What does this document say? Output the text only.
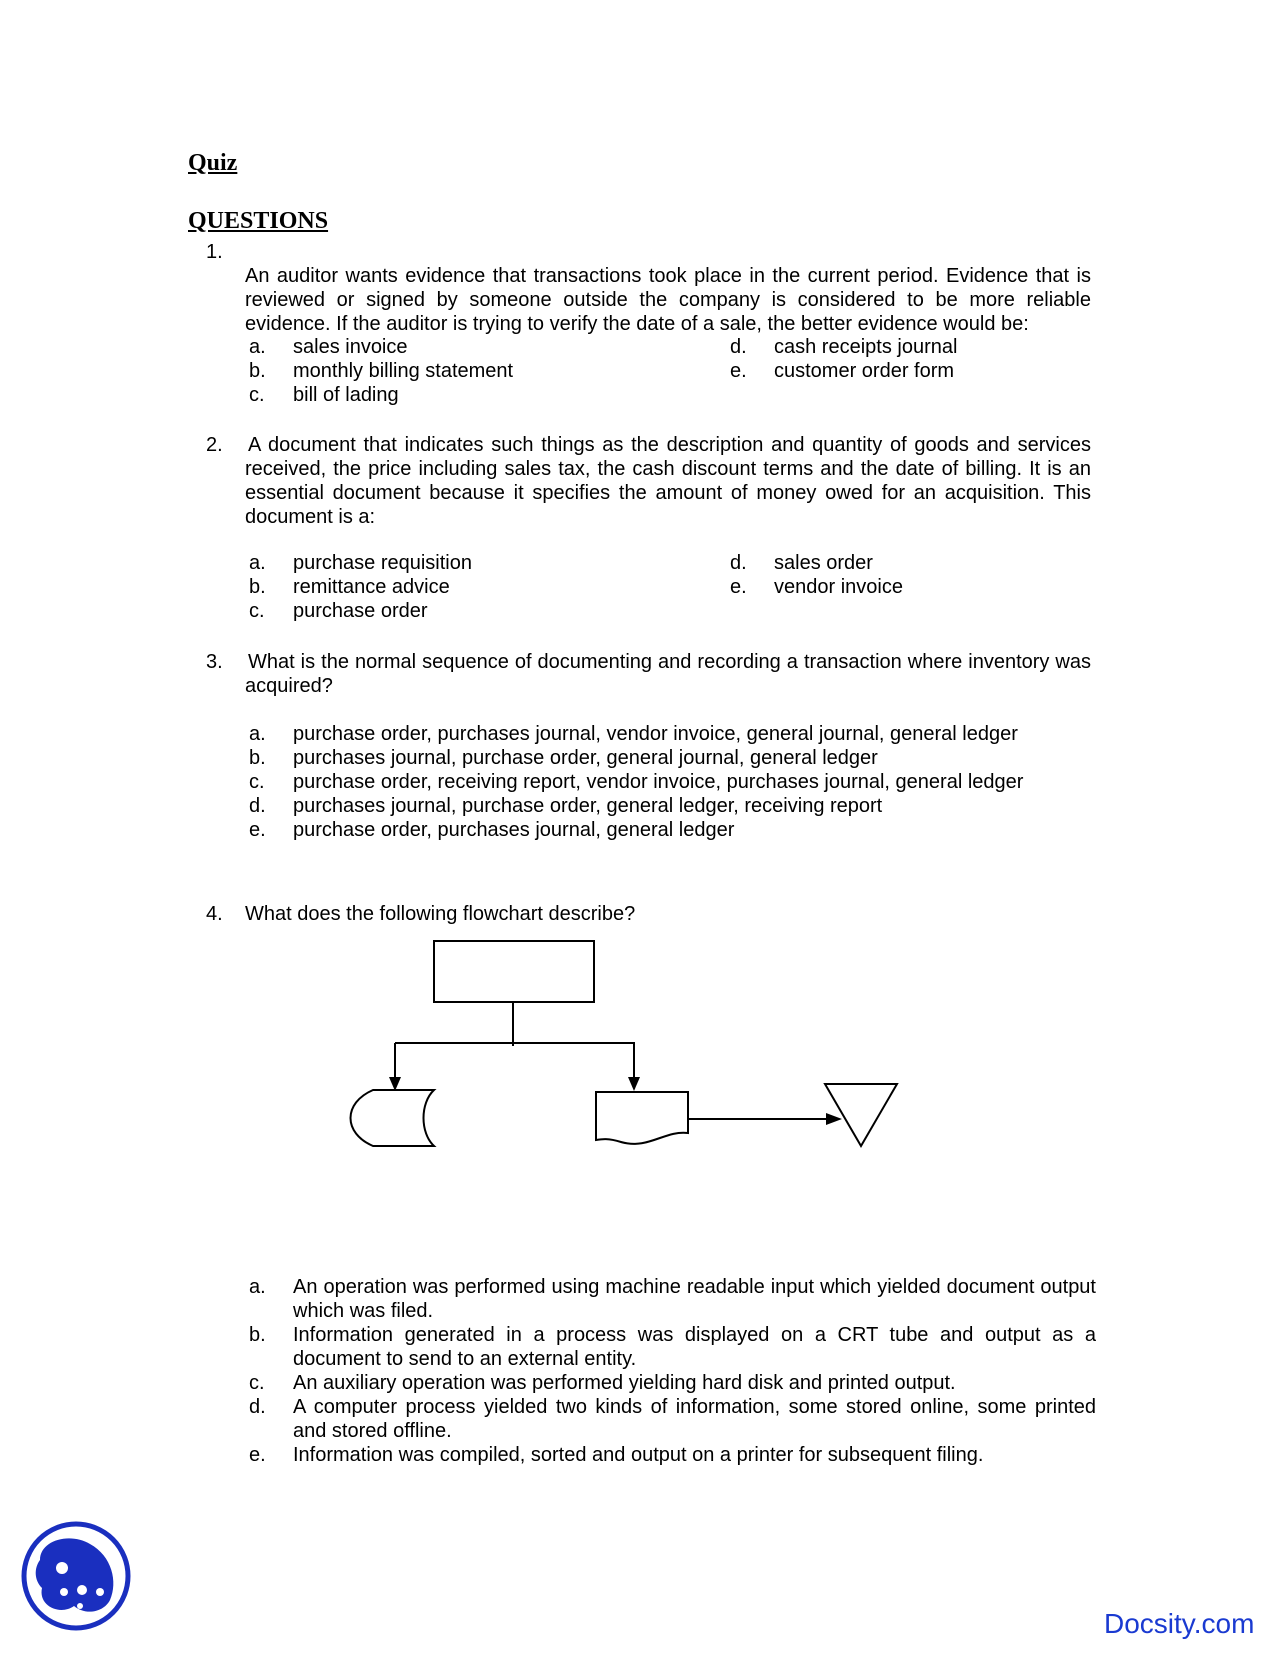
Quiz
QUESTIONS
1.

An auditor wants evidence that transactions took place in the current period. Evidence that is reviewed or signed by someone outside the company is considered to be more reliable evidence. If the auditor is trying to verify the date of a sale, the better evidence would be:

a. sales invoice
b. monthly billing statement
c. bill of lading
d. cash receipts journal
e. customer order form
2. A document that indicates such things as the description and quantity of goods and services received, the price including sales tax, the cash discount terms and the date of billing. It is an essential document because it specifies the amount of money owed for an acquisition. This document is a:

a. purchase requisition
b. remittance advice
c. purchase order
d. sales order
e. vendor invoice
3. What is the normal sequence of documenting and recording a transaction where inventory was acquired?

a. purchase order, purchases journal, vendor invoice, general journal, general ledger
b. purchases journal, purchase order, general journal, general ledger
c. purchase order, receiving report, vendor invoice, purchases journal, general ledger
d. purchases journal, purchase order, general ledger, receiving report
e. purchase order, purchases journal, general ledger
4. What does the following flowchart describe?

a. An operation was performed using machine readable input which yielded document output which was filed.
b. Information generated in a process was displayed on a CRT tube and output as a document to send to an external entity.
c. An auxiliary operation was performed yielding hard disk and printed output.
d. A computer process yielded two kinds of information, some stored online, some printed and stored offline.
e. Information was compiled, sorted and output on a printer for subsequent filing.
Docsity.com
